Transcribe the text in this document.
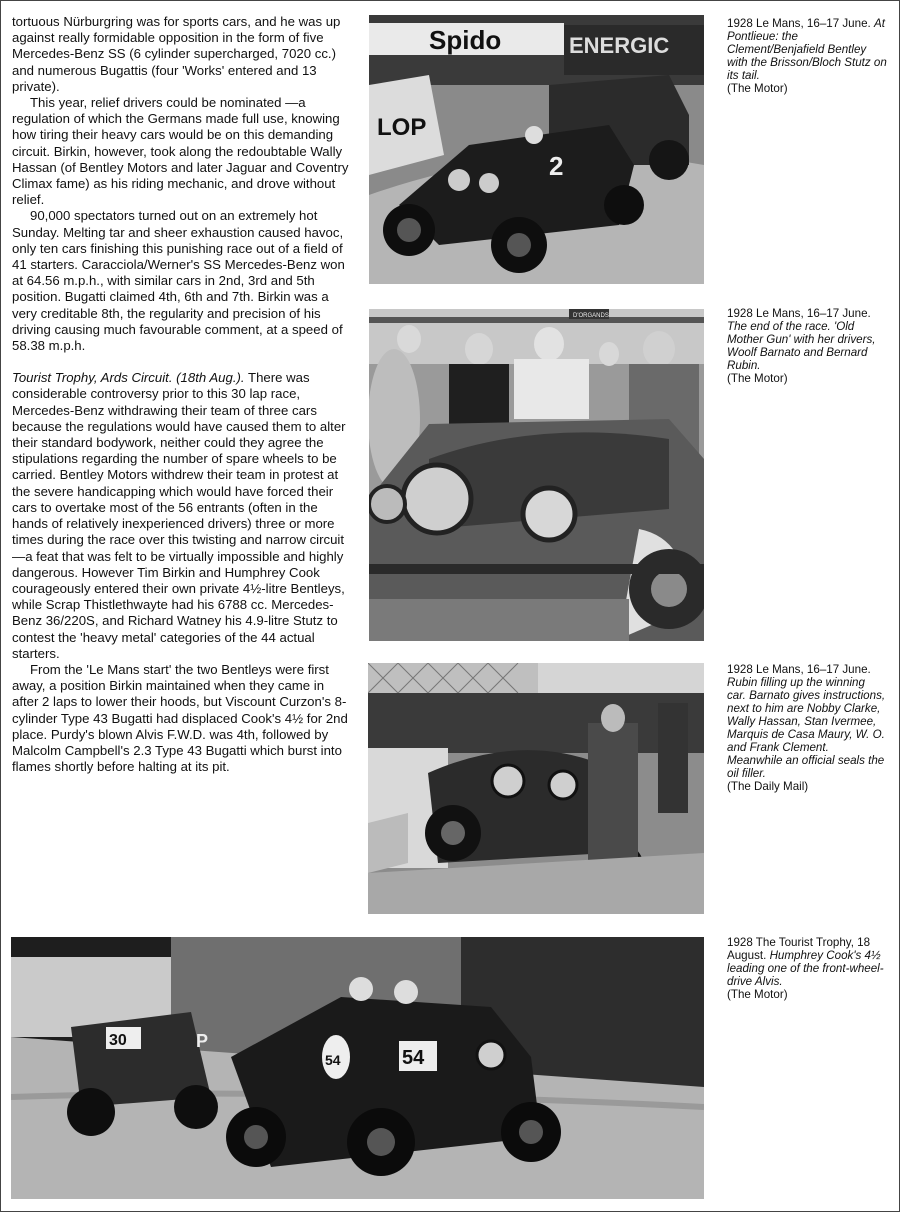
tortuous Nürburgring was for sports cars, and he was up against really formidable opposition in the form of five Mercedes-Benz SS (6 cylinder supercharged, 7020 cc.) and numerous Bugattis (four 'Works' entered and 13 private).

This year, relief drivers could be nominated —a regulation of which the Germans made full use, knowing how tiring their heavy cars would be on this demanding circuit. Birkin, however, took along the redoubtable Wally Hassan (of Bentley Motors and later Jaguar and Coventry Climax fame) as his riding mechanic, and drove without relief.

90,000 spectators turned out on an extremely hot Sunday. Melting tar and sheer exhaustion caused havoc, only ten cars finishing this punishing race out of a field of 41 starters. Caracciola/Werner's SS Mercedes-Benz won at 64.56 m.p.h., with similar cars in 2nd, 3rd and 5th position. Bugatti claimed 4th, 6th and 7th. Birkin was a very creditable 8th, the regularity and precision of his driving causing much favourable comment, at a speed of 58.38 m.p.h.

Tourist Trophy, Ards Circuit. (18th Aug.). There was considerable controversy prior to this 30 lap race, Mercedes-Benz withdrawing their team of three cars because the regulations would have caused them to alter their standard bodywork, neither could they agree the stipulations regarding the number of spare wheels to be carried. Bentley Motors withdrew their team in protest at the severe handicapping which would have forced their cars to overtake most of the 56 entrants (often in the hands of relatively inexperienced drivers) three or more times during the race over this twisting and narrow circuit—a feat that was felt to be virtually impossible and highly dangerous. However Tim Birkin and Humphrey Cook courageously entered their own private 4½-litre Bentleys, while Scrap Thistlethwayte had his 6788 cc. Mercedes-Benz 36/220S, and Richard Watney his 4.9-litre Stutz to contest the 'heavy metal' categories of the 44 actual starters.

From the 'Le Mans start' the two Bentleys were first away, a position Birkin maintained when they came in after 2 laps to lower their hoods, but Viscount Curzon's 8-cylinder Type 43 Bugatti had displaced Cook's 4½ for 2nd place. Purdy's blown Alvis F.W.D. was 4th, followed by Malcolm Campbell's 2.3 Type 43 Bugatti which burst into flames shortly before halting at its pit.

Spido	ENERGIC
LOP
2
1928 Le Mans, 16–17 June. At Pontlieue: the Clement/Benjafield Bentley with the Brisson/Bloch Stutz on its tail.
(The Motor)
D'ORGANDS	1928 Le Mans, 16–17 June. The end of the race. 'Old Mother Gun' with her drivers, Woolf Barnato and Bernard Rubin.
(The Motor)
1928 Le Mans, 16–17 June. Rubin filling up the winning car. Barnato gives instructions, next to him are Nobby Clarke, Wally Hassan, Stan Ivermee, Marquis de Casa Maury, W. O. and Frank Clement. Meanwhile an official seals the oil filler.
(The Daily Mail)
30	P
54	54
1928 The Tourist Trophy, 18 August. Humphrey Cook's 4½ leading one of the front-wheel-drive Alvis.
(The Motor)
